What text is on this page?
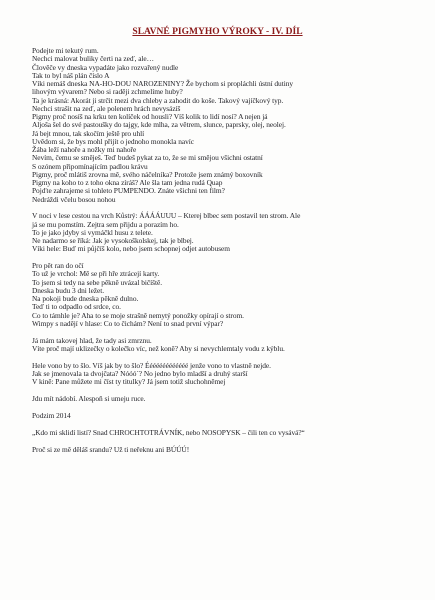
SLAVNÉ PIGMYHO VÝROKY - IV. DÍL
Podejte mi tekutý rum.
Nechci malovat buliky čerti na zeď, ale…
Člověče vy dneska vypadáte jako rozvařený nudle
Tak to byl náš plán číslo A
Víki nemáš dneska NA-HO-DOU NAROZENINY? Že bychom si propláchli ústní dutiny
lihovým vývarem? Nebo si raději zchmelíme huby?
Ta je krásná: Akorát ji strčit mezi dva chleby a zahodit do koše. Takový vajíčkový typ.
Nechci strašit na zeď, ale polenem hrách nevysázíš
Pigmy proč nosíš na krku ten kolíček od housli? Víš kolik to lidí nosí? A nejen já
Aljoša šel do své pastoušky do tajgy, kde mlha, za větrem, slunce, paprsky, olej, neolej.
Já bejt mnou, tak skočím ještě pro uhlí
Uvědom si, že bys mohl přijít o jednoho monokla navíc
Žába leží nahoře a nožky mi nahoře
Nevím, čemu se směješ. Teď budeš pykat za to, že se mi smějou všichni ostatní
S ozónem připomínajícím padlou krávu
Pigmy, proč mlátiš zrovna mě, svého náčelníka? Protože jsem známý boxovník
Pigmy na koho to z toho okna zíráš? Ale šla tam jedna rudá Quap
Pojďte zahrajeme si tohleto PUMPENDO. Znáte všichni ten film?
Nedráždi včelu bosou nohou
V noci v lese cestou na vrch Kůstrý: ÁÁÁÁUUU – Kterej blbec sem postavil ten strom. Ale
já se mu pomstím. Zejtra sem přijdu a porazím ho.
To je jako jdyby si vymáčkl husu z telete.
Ne nadarmo se říká: Jak je vysokoškolskej, tak je blbej.
Víki hele: Buď mi půjčíš kolo, nebo jsem schopnej odjet autobusem
Pro pět ran do očí
To už je vrchol: Mě se při hře ztrácejí karty.
To jsem si tedy na sebe pěkně uvázal bičíště.
Dneska budu 3 dni ležet.
Na pokoji bude dneska pěkně dulno.
Teď ti to odpadlo od srdce, co.
Co to támhle je? Aha to se moje strašně nemytý ponožky opírají o strom.
Wimpy s nadějí v hlase: Co to čichám? Není to snad první výpar?
Já mám takovej hlad, že tady asi zmrznu.
Víte proč mají uklizečky o kolečko víc, než koně? Aby si nevychlemtaly vodu z kýblu.
Hele vono by to šlo. Víš jak by to šlo? Ééééééééééééé jenže vono to vlastně nejde.
Jak se jmenovala ta dvojčata? Nóóó´? No jedno bylo mladší a druhý starší
V kině: Pane můžete mi číst ty titulky? Já jsem totiž sluchohněmej
Jdu mít nádobí. Alespoň si umeju ruce.
Podzim 2014
„Kdo mi sklidí listí? Snad CHROCHTOTRÁVNÍK, nebo NOSOPYSK – čili ten co vysává?“
Proč si ze mě děláš srandu? Už ti neřeknu ani BÚÚÚ!
